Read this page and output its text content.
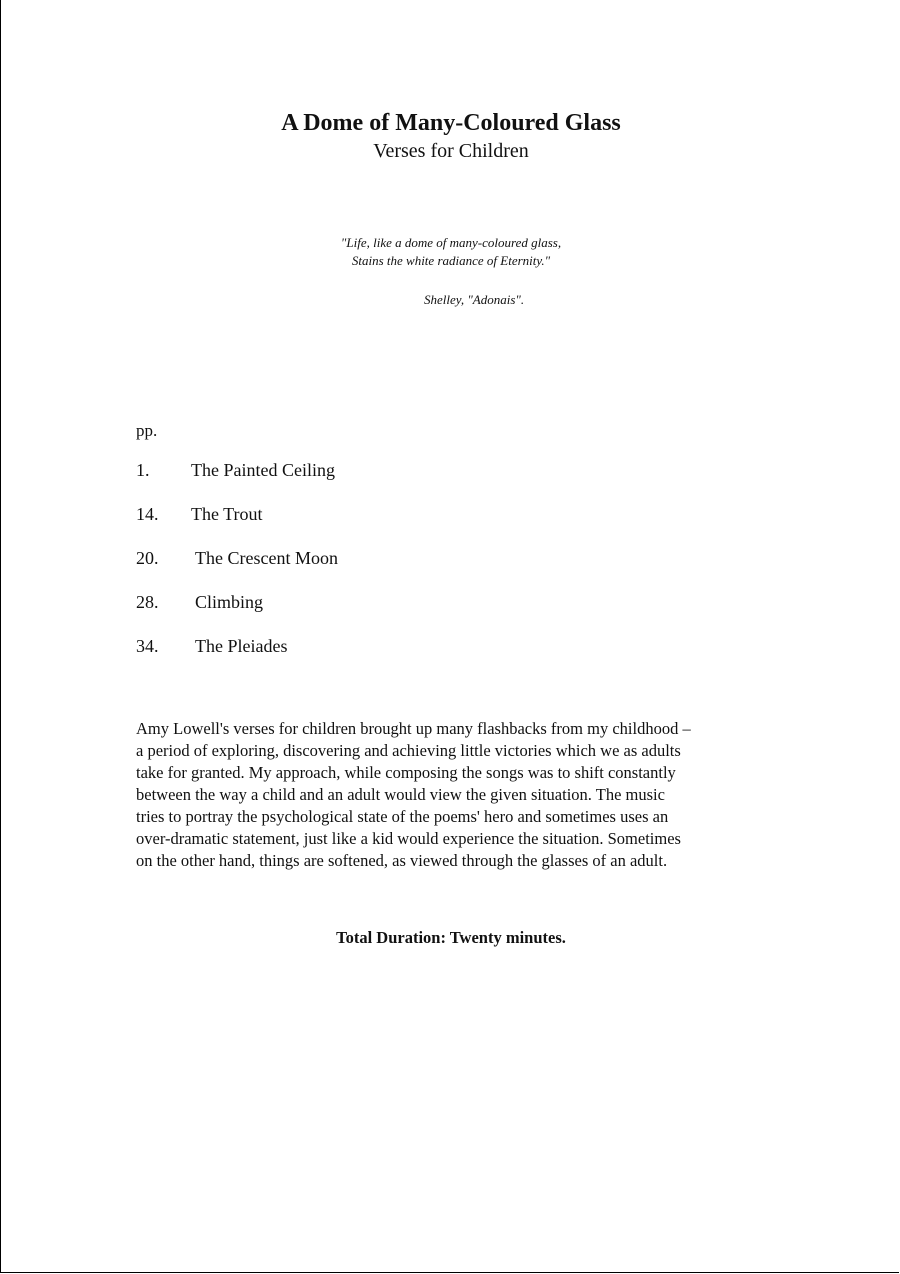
A Dome of Many-Coloured Glass
Verses for Children
"Life, like a dome of many-coloured glass,
Stains the white radiance of Eternity."
Shelley, "Adonais".
pp.
1. The Painted Ceiling
14. The Trout
20. The Crescent Moon
28. Climbing
34. The Pleiades
Amy Lowell's verses for children brought up many flashbacks from my childhood –
a period of exploring, discovering and achieving little victories which we as adults
take for granted. My approach, while composing the songs was to shift constantly
between the way a child and an adult would view the given situation. The music
tries to portray the psychological state of the poems' hero and sometimes uses an
over-dramatic statement, just like a kid would experience the situation. Sometimes
on the other hand, things are softened, as viewed through the glasses of an adult.
Total Duration: Twenty minutes.
